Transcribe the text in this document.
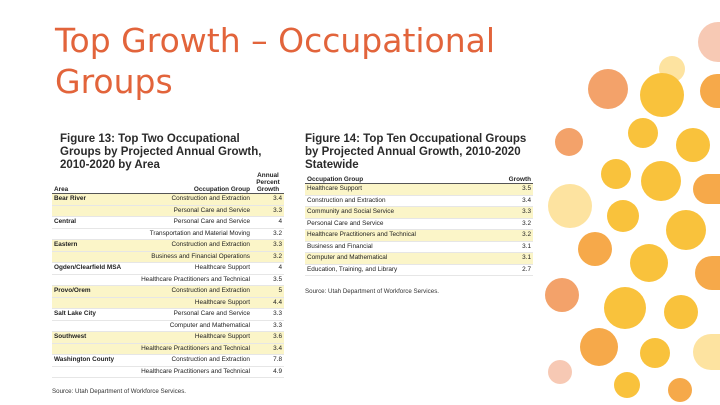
Top Growth – Occupational Groups
Figure 13: Top Two Occupational Groups by Projected Annual Growth, 2010-2020 by Area
Area	Occupation Group	Annual Percent Growth
Bear River	Construction and Extraction	3.4
	Personal Care and Service	3.3
Central	Personal Care and Service	4
	Transportation and Material Moving	3.2
Eastern	Construction and Extraction	3.3
	Business and Financial Operations	3.2
Ogden/Clearfield MSA	Healthcare Support	4
	Healthcare Practitioners and Technical	3.5
Provo/Orem	Construction and Extraction	5
	Healthcare Support	4.4
Salt Lake City	Personal Care and Service	3.3
	Computer and Mathematical	3.3
Southwest	Healthcare Support	3.6
	Healthcare Practitioners and Technical	3.4
Washington County	Construction and Extraction	7.8
	Healthcare Practitioners and Technical	4.9
Source: Utah Department of Workforce Services.
Figure 14: Top Ten Occupational Groups by Projected Annual Growth, 2010-2020 Statewide
Occupation Group	Growth
Healthcare Support	3.5
Construction and Extraction	3.4
Community and Social Service	3.3
Personal Care and Service	3.2
Healthcare Practitioners and Technical	3.2
Business and Financial	3.1
Computer and Mathematical	3.1
Education, Training, and Library	2.7
Source: Utah Department of Workforce Services.
